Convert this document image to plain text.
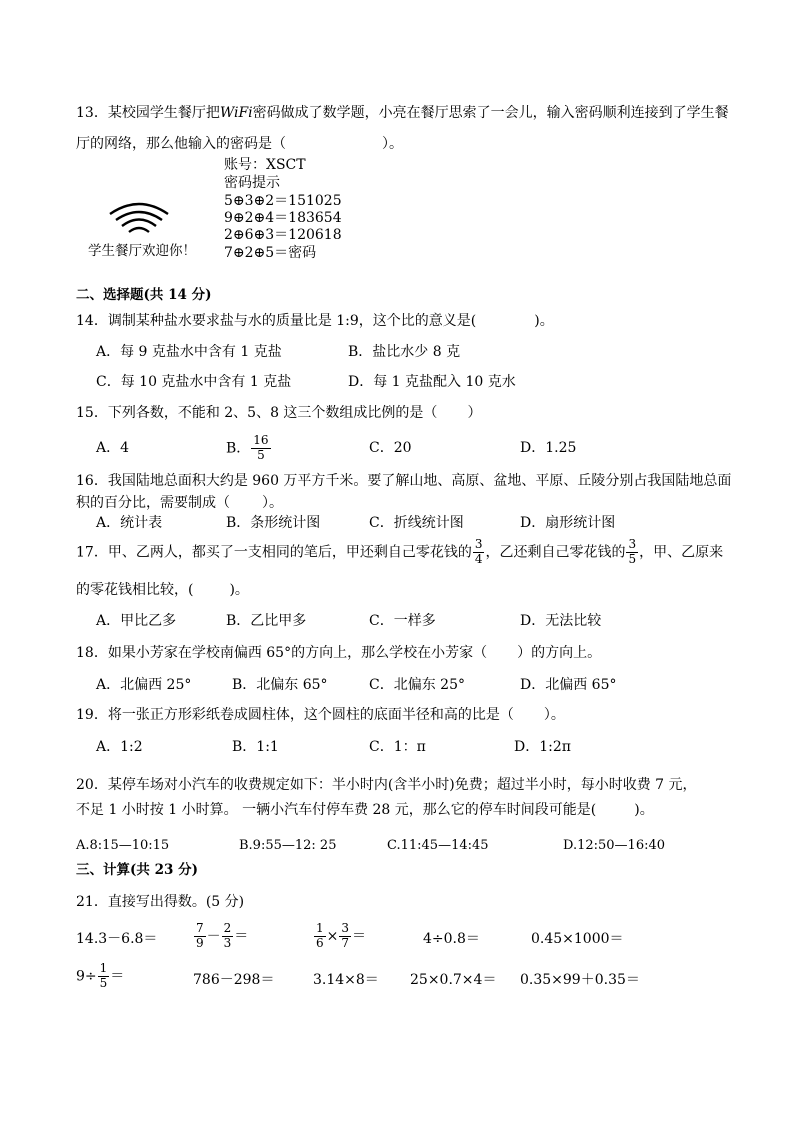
13．某校园学生餐厅把WiFi密码做成了数学题，小亮在餐厅思索了一会儿，输入密码顺利连接到了学生餐
厅的网络，那么他输入的密码是（	）。
账号：XSCT
密码提示
5⊕3⊕2＝151025
9⊕2⊕4＝183654
2⊕6⊕3＝120618
7⊕2⊕5＝密码
学生餐厅欢迎你！
二、选择题(共 14 分)
14．调制某种盐水要求盐与水的质量比是 1:9，这个比的意义是(	)。
A．每 9 克盐水中含有 1 克盐	B．盐比水少 8 克
C．每 10 克盐水中含有 1 克盐	D．每 1 克盐配入 10 克水
15．下列各数，不能和 2、5、8 这三个数组成比例的是（ ）
A．4	B． $\frac{16}{5}$	C．20	D．1.25
16．我国陆地总面积大约是 960 万平方千米。要了解山地、高原、盆地、平原、丘陵分别占我国陆地总面
积的百分比，需要制成（ ）。
A．统计表	B．条形统计图	C．折线统计图	D．扇形统计图
17．甲、乙两人，都买了一支相同的笔后，甲还剩自己零花钱的 $\frac{3}{4}$ ，乙还剩自己零花钱的 $\frac{3}{5}$ ，甲、乙原来
的零花钱相比较，(	)。
A．甲比乙多	B．乙比甲多	C．一样多	D．无法比较
18．如果小芳家在学校南偏西 65°的方向上，那么学校在小芳家（ ）的方向上。
A．北偏西 25°	B．北偏东 65°	C．北偏东 25°	D．北偏西 65°
19．将一张正方形彩纸卷成圆柱体，这个圆柱的底面半径和高的比是（ ）。
A．1:2	B．1:1	C．1：π	D．1:2π
20．某停车场对小汽车的收费规定如下：半小时内(含半小时)免费；超过半小时，每小时收费 7 元，
不足 1 小时按 1 小时算。 一辆小汽车付停车费 28 元，那么它的停车时间段可能是(	)。
A.8:15—10:15	B.9:55—12: 25	C.11:45—14:45	D.12:50—16:40
三、计算(共 23 分)
21．直接写出得数。(5 分)
14.3－6.8＝	$\frac{7}{9} - \frac{2}{3}$ ＝	$\frac{1}{6} \times \frac{3}{7}$ ＝	4÷0.8＝	0.45×1000＝
$9\div \frac{1}{5}$ ＝	786－298＝	3.14×8＝ 25×0.7×4＝ 0.35×99＋0.35＝
